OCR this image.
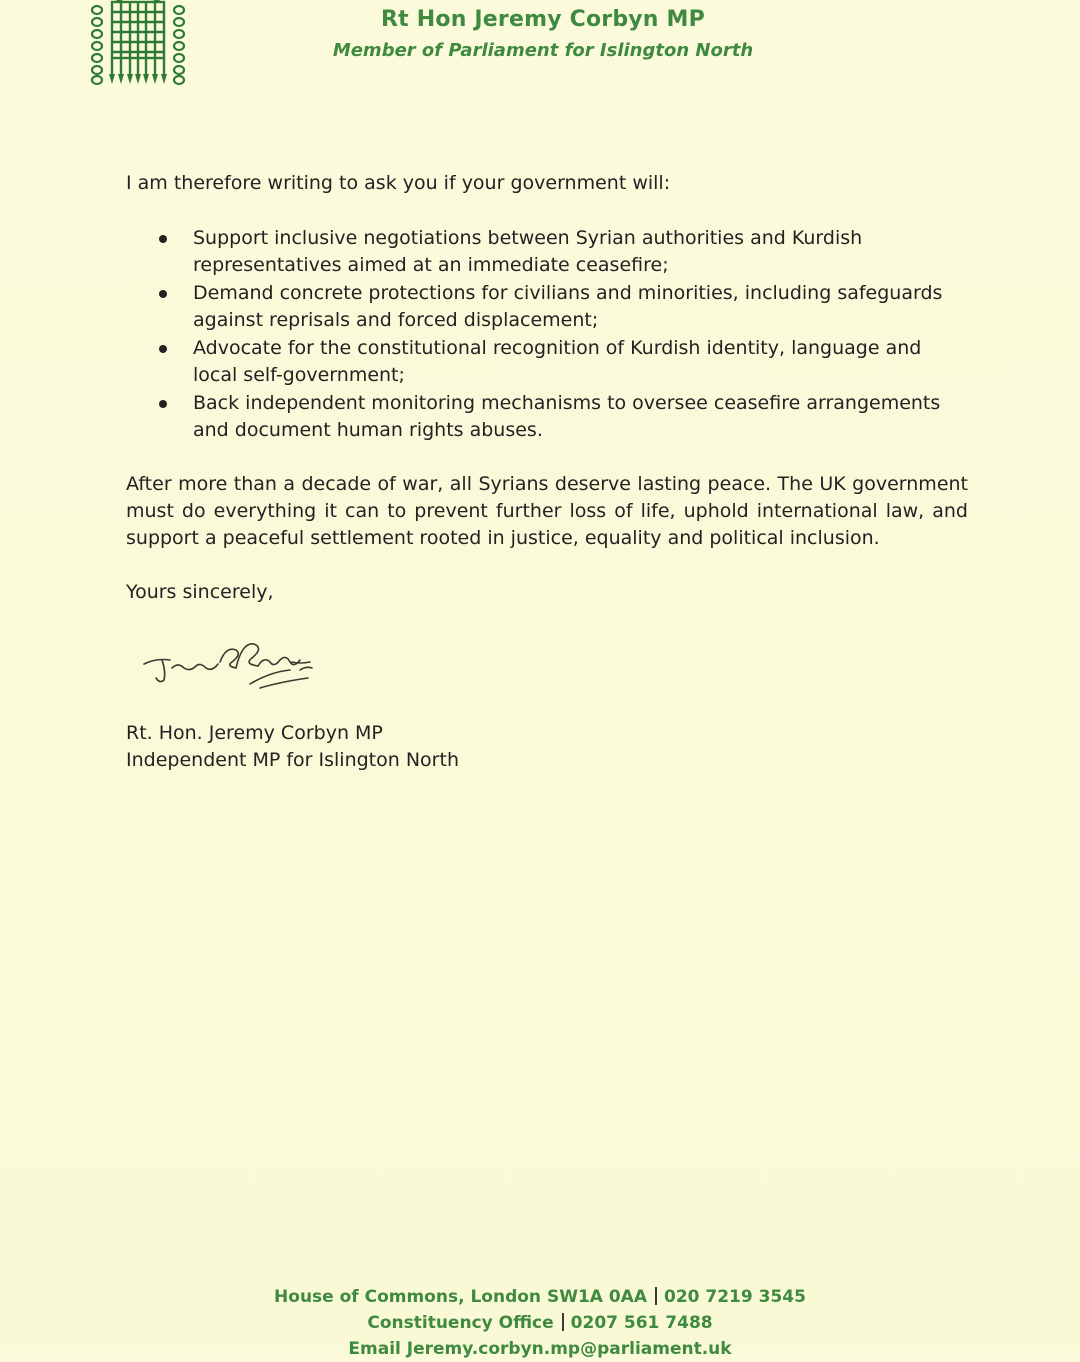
Rt Hon Jeremy Corbyn MP
Member of Parliament for Islington North

I am therefore writing to ask you if your government will:

Support inclusive negotiations between Syrian authorities and Kurdish representatives aimed at an immediate ceasefire;
Demand concrete protections for civilians and minorities, including safeguards against reprisals and forced displacement;
Advocate for the constitutional recognition of Kurdish identity, language and local self-government;
Back independent monitoring mechanisms to oversee ceasefire arrangements and document human rights abuses.

After more than a decade of war, all Syrians deserve lasting peace. The UK government must do everything it can to prevent further loss of life, uphold international law, and support a peaceful settlement rooted in justice, equality and political inclusion.

Yours sincerely,

Rt. Hon. Jeremy Corbyn MP
Independent MP for Islington North
House of Commons, London SW1A 0AA 020 7219 3545
Constituency Office 0207 561 7488
Email Jeremy.corbyn.mp@parliament.uk
